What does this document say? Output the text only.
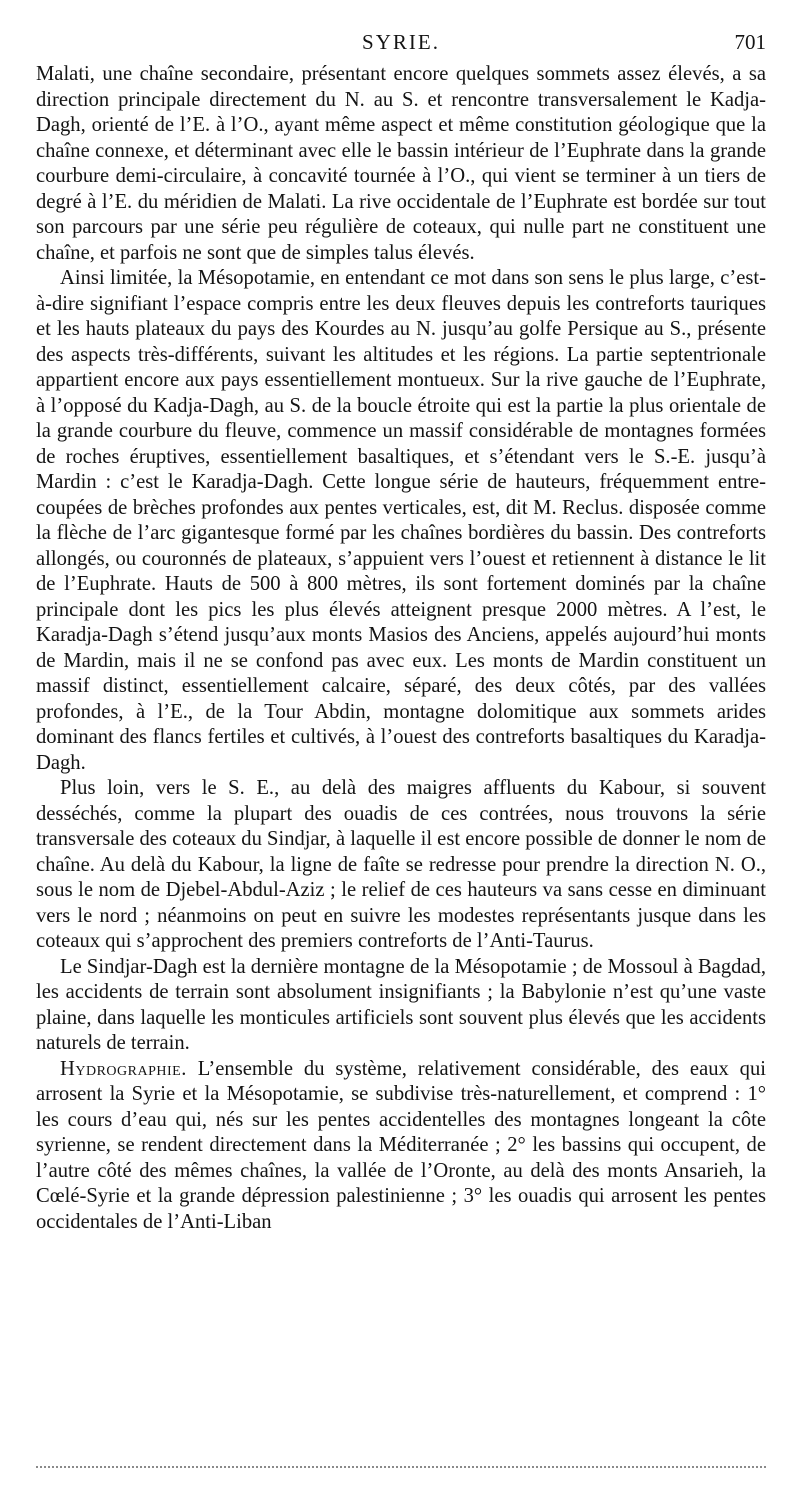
SYRIE.	701

Malati, une chaîne secondaire, présentant encore quelques sommets assez élevés, a sa direction principale directement du N. au S. et rencontre transversalement le Kadja-Dagh, orienté de l’E. à l’O., ayant même aspect et même constitution géologique que la chaîne connexe, et déterminant avec elle le bassin intérieur de l’Euphrate dans la grande courbure demi-circulaire, à concavité tournée à l’O., qui vient se terminer à un tiers de degré à l’E. du méridien de Malati. La rive occidentale de l’Euphrate est bordée sur tout son parcours par une série peu régulière de coteaux, qui nulle part ne constituent une chaîne, et parfois ne sont que de simples talus élevés.

Ainsi limitée, la Mésopotamie, en entendant ce mot dans son sens le plus large, c’est-à-dire signifiant l’espace compris entre les deux fleuves depuis les contreforts tauriques et les hauts plateaux du pays des Kourdes au N. jusqu’au golfe Persique au S., présente des aspects très-différents, suivant les altitudes et les régions. La partie septentrionale appartient encore aux pays essentiellement montueux. Sur la rive gauche de l’Euphrate, à l’opposé du Kadja-Dagh, au S. de la boucle étroite qui est la partie la plus orientale de la grande courbure du fleuve, commence un massif considérable de montagnes formées de roches éruptives, essentiellement basaltiques, et s’étendant vers le S.-E. jusqu’à Mardin : c’est le Karadja-Dagh. Cette longue série de hauteurs, fréquemment entre-coupées de brèches profondes aux pentes verticales, est, dit M. Reclus. disposée comme la flèche de l’arc gigantesque formé par les chaînes bordières du bassin. Des contreforts allongés, ou couronnés de plateaux, s’appuient vers l’ouest et retiennent à distance le lit de l’Euphrate. Hauts de 500 à 800 mètres, ils sont fortement dominés par la chaîne principale dont les pics les plus élevés atteignent presque 2000 mètres. A l’est, le Karadja-Dagh s’étend jusqu’aux monts Masios des Anciens, appelés aujourd’hui monts de Mardin, mais il ne se confond pas avec eux. Les monts de Mardin constituent un massif distinct, essentiellement calcaire, séparé, des deux côtés, par des vallées profondes, à l’E., de la Tour Abdin, montagne dolomitique aux sommets arides dominant des flancs fertiles et cultivés, à l’ouest des contreforts basaltiques du Karadja-Dagh.

Plus loin, vers le S. E., au delà des maigres affluents du Kabour, si souvent desséchés, comme la plupart des ouadis de ces contrées, nous trouvons la série transversale des coteaux du Sindjar, à laquelle il est encore possible de donner le nom de chaîne. Au delà du Kabour, la ligne de faîte se redresse pour prendre la direction N. O., sous le nom de Djebel-Abdul-Aziz ; le relief de ces hauteurs va sans cesse en diminuant vers le nord ; néanmoins on peut en suivre les modestes représentants jusque dans les coteaux qui s’approchent des premiers contreforts de l’Anti-Taurus.

Le Sindjar-Dagh est la dernière montagne de la Mésopotamie ; de Mossoul à Bagdad, les accidents de terrain sont absolument insignifiants ; la Babylonie n’est qu’une vaste plaine, dans laquelle les monticules artificiels sont souvent plus élevés que les accidents naturels de terrain.

Hydrographie. L’ensemble du système, relativement considérable, des eaux qui arrosent la Syrie et la Mésopotamie, se subdivise très-naturellement, et comprend : 1° les cours d’eau qui, nés sur les pentes accidentelles des montagnes longeant la côte syrienne, se rendent directement dans la Méditerranée ; 2° les bassins qui occupent, de l’autre côté des mêmes chaînes, la vallée de l’Oronte, au delà des monts Ansarieh, la Cœlé-Syrie et la grande dépression palestinienne ; 3° les ouadis qui arrosent les pentes occidentales de l’Anti-Liban
